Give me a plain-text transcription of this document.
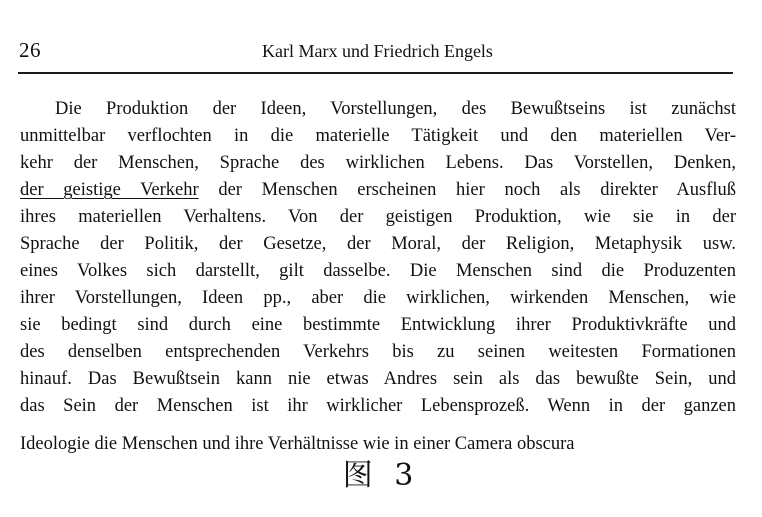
26	Karl Marx und Friedrich Engels
Die Produktion der Ideen, Vorstellungen, des Bewußtseins ist zunächst
unmittelbar verflochten in die materielle Tätigkeit und den materiellen Ver-
kehr der Menschen, Sprache des wirklichen Lebens. Das Vorstellen, Denken,
der geistige Verkehr der Menschen erscheinen hier noch als direkter Ausfluß
ihres materiellen Verhaltens. Von der geistigen Produktion, wie sie in der
Sprache der Politik, der Gesetze, der Moral, der Religion, Metaphysik usw.
eines Volkes sich darstellt, gilt dasselbe. Die Menschen sind die Produzenten
ihrer Vorstellungen, Ideen pp., aber die wirklichen, wirkenden Menschen, wie
sie bedingt sind durch eine bestimmte Entwicklung ihrer Produktivkräfte und
des denselben entsprechenden Verkehrs bis zu seinen weitesten Formationen
hinauf. Das Bewußtsein kann nie etwas Andres sein als das bewußte Sein, und
das Sein der Menschen ist ihr wirklicher Lebensprozeß. Wenn in der ganzen
Ideologie die Menschen und ihre Verhältnisse wie in einer Camera obscura
图 3
